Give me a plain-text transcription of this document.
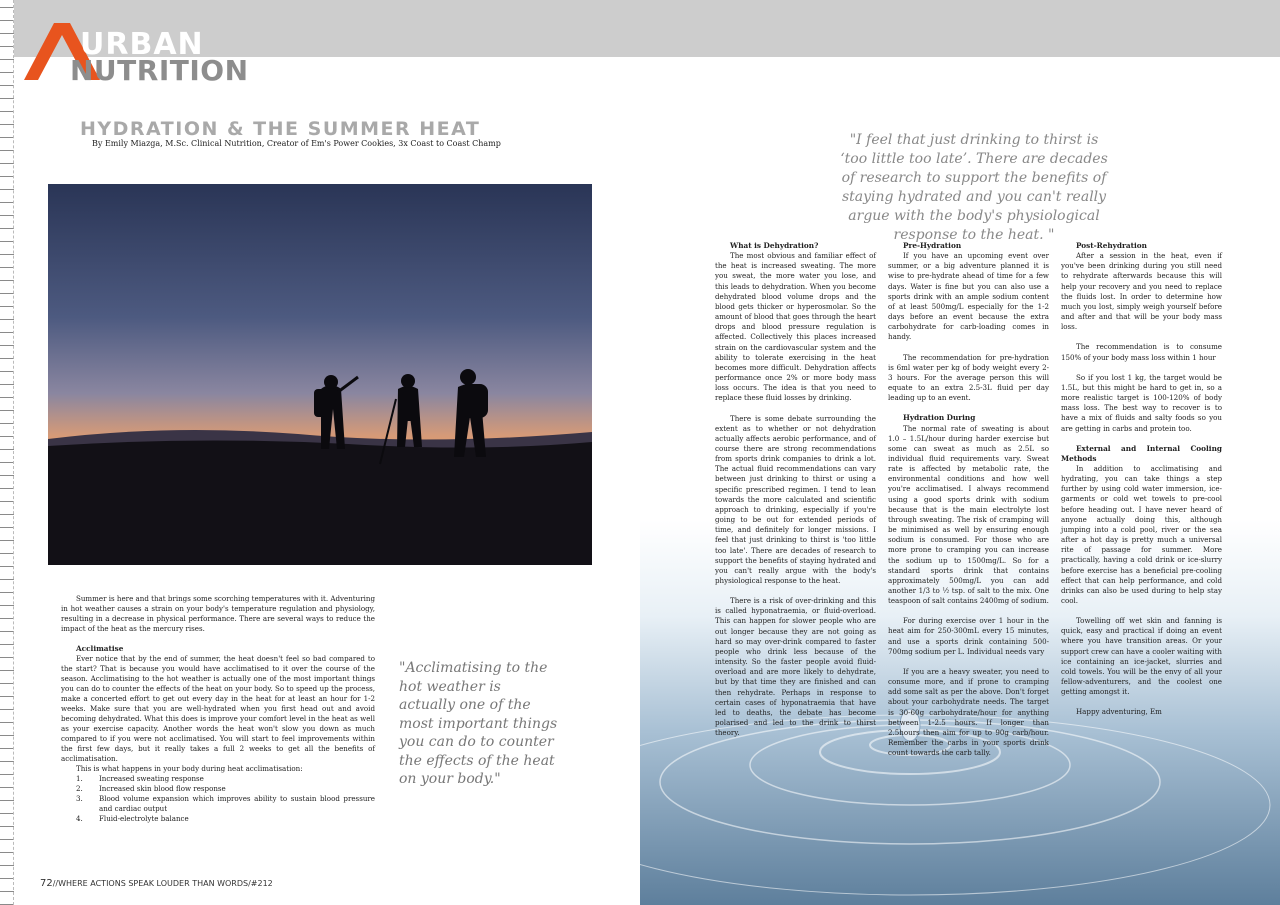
URBAN
NUTRITION
HYDRATION & THE SUMMER HEAT
By Emily Miazga, M.Sc. Clinical Nutrition, Creator of Em's Power Cookies, 3x Coast to Coast Champ	"I feel that just drinking to thirst is ‘too little too late’. There are decades of research to support the benefits of staying hydrated and you can't really argue with the body's physiological response to the heat. "
"Acclimatising to the hot weather is actually one of the most important things you can do to counter the effects of the heat on your body."

Summer is here and that brings some scorching temperatures with it. Adventuring in hot weather causes a strain on your body's temperature regulation and physiology, resulting in a decrease in physical performance. There are several ways to reduce the impact of the heat as the mercury rises.

Acclimatise

Ever notice that by the end of summer, the heat doesn't feel so bad compared to the start? That is because you would have acclimatised to it over the course of the season. Acclimatising to the hot weather is actually one of the most important things you can do to counter the effects of the heat on your body. So to speed up the process, make a concerted effort to get out every day in the heat for at least an hour for 1-2 weeks. Make sure that you are well-hydrated when you first head out and avoid becoming dehydrated. What this does is improve your comfort level in the heat as well as your exercise capacity. Another words the heat won't slow you down as much compared to if you were not acclimatised. You will start to feel improvements within the first few days, but it really takes a full 2 weeks to get all the benefits of acclimatisation.

This is what happens in your body during heat acclimatisation:

1.	Increased sweating response
2.	Increased skin blood flow response
3.	Blood volume expansion which improves ability to sustain blood pressure and cardiac output
4.	Fluid-electrolyte balance
What is Dehydration?

The most obvious and familiar effect of the heat is increased sweating. The more you sweat, the more water you lose, and this leads to dehydration. When you become dehydrated blood volume drops and the blood gets thicker or hyperosmolar. So the amount of blood that goes through the heart drops and blood pressure regulation is affected. Collectively this places increased strain on the cardiovascular system and the ability to tolerate exercising in the heat becomes more difficult. Dehydration affects performance once 2% or more body mass loss occurs. The idea is that you need to replace these fluid losses by drinking.

There is some debate surrounding the extent as to whether or not dehydration actually affects aerobic performance, and of course there are strong recommendations from sports drink companies to drink a lot. The actual fluid recommendations can vary between just drinking to thirst or using a specific prescribed regimen. I tend to lean towards the more calculated and scientific approach to drinking, especially if you're going to be out for extended periods of time, and definitely for longer missions. I feel that just drinking to thirst is 'too little too late'. There are decades of research to support the benefits of staying hydrated and you can't really argue with the body's physiological response to the heat.

There is a risk of over-drinking and this is called hyponatraemia, or fluid-overload. This can happen for slower people who are out longer because they are not going as hard so may over-drink compared to faster people who drink less because of the intensity. So the faster people avoid fluid-overload and are more likely to dehydrate, but by that time they are finished and can then rehydrate. Perhaps in response to certain cases of hyponatraemia that have led to deaths, the debate has become polarised and led to the drink to thirst theory.

Pre-Hydration

If you have an upcoming event over summer, or a big adventure planned it is wise to pre-hydrate ahead of time for a few days. Water is fine but you can also use a sports drink with an ample sodium content of at least 500mg/L especially for the 1-2 days before an event because the extra carbohydrate for carb-loading comes in handy.

The recommendation for pre-hydration is 6ml water per kg of body weight every 2-3 hours. For the average person this will equate to an extra 2.5-3L fluid per day leading up to an event.

Hydration During

The normal rate of sweating is about 1.0 – 1.5L/hour during harder exercise but some can sweat as much as 2.5L so individual fluid requirements vary. Sweat rate is affected by metabolic rate, the environmental conditions and how well you're acclimatised. I always recommend using a good sports drink with sodium because that is the main electrolyte lost through sweating. The risk of cramping will be minimised as well by ensuring enough sodium is consumed. For those who are more prone to cramping you can increase the sodium up to 1500mg/L. So for a standard sports drink that contains approximately 500mg/L you can add another 1/3 to ½ tsp. of salt to the mix. One teaspoon of salt contains 2400mg of sodium.

For during exercise over 1 hour in the heat aim for 250-300mL every 15 minutes, and use a sports drink containing 500-700mg sodium per L. Individual needs vary

If you are a heavy sweater, you need to consume more, and if prone to cramping add some salt as per the above. Don't forget about your carbohydrate needs. The target is 30-60g carbohydrate/hour for anything between 1-2.5 hours. If longer than 2.5hours then aim for up to 90g carb/hour. Remember the carbs in your sports drink count towards the carb tally.

Post-Rehydration

After a session in the heat, even if you've been drinking during you still need to rehydrate afterwards because this will help your recovery and you need to replace the fluids lost. In order to determine how much you lost, simply weigh yourself before and after and that will be your body mass loss.

The recommendation is to consume 150% of your body mass loss within 1 hour

So if you lost 1 kg, the target would be 1.5L, but this might be hard to get in, so a more realistic target is 100-120% of body mass loss. The best way to recover is to have a mix of fluids and salty foods so you are getting in carbs and protein too.

External and Internal Cooling Methods

In addition to acclimatising and hydrating, you can take things a step further by using cold water immersion, ice-garments or cold wet towels to pre-cool before heading out. I have never heard of anyone actually doing this, although jumping into a cold pool, river or the sea after a hot day is pretty much a universal rite of passage for summer. More practically, having a cold drink or ice-slurry before exercise has a beneficial pre-cooling effect that can help performance, and cold drinks can also be used during to help stay cool.

Towelling off wet skin and fanning is quick, easy and practical if doing an event where you have transition areas. Or your support crew can have a cooler waiting with ice containing an ice-jacket, slurries and cold towels. You will be the envy of all your fellow-adventurers, and the coolest one getting amongst it.

Happy adventuring, Em

72//WHERE ACTIONS SPEAK LOUDER THAN WORDS/#212
